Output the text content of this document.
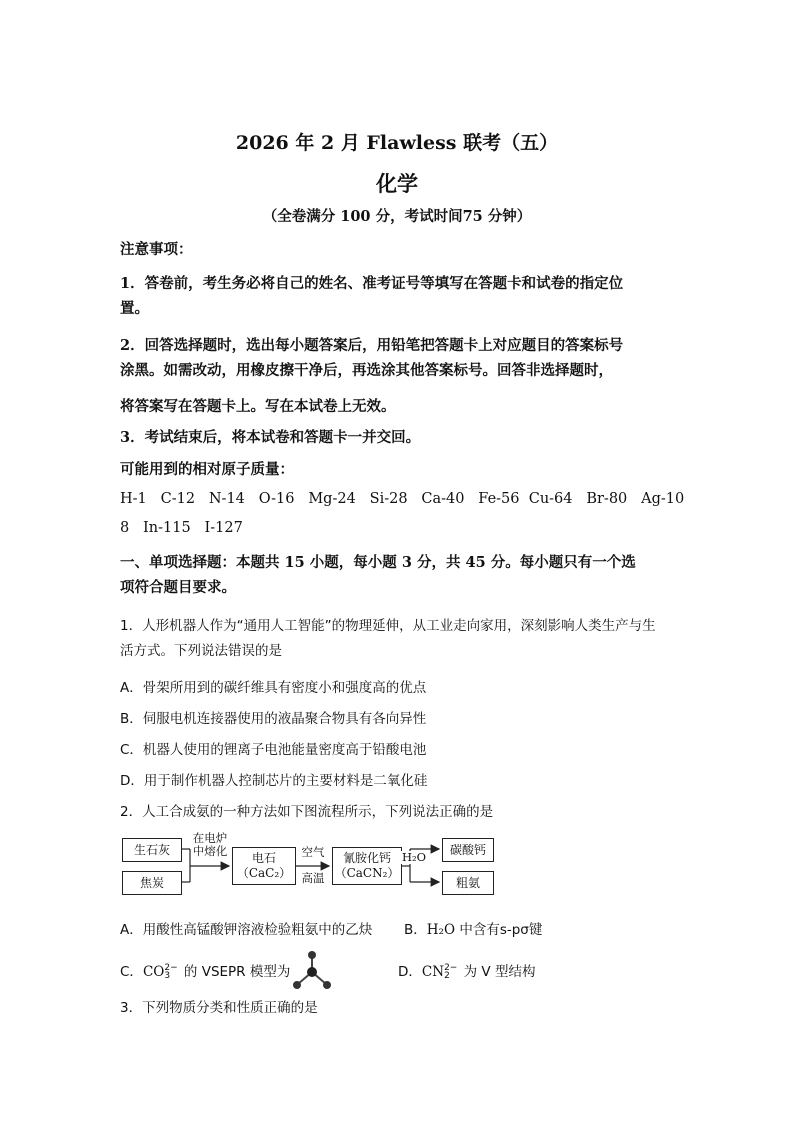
2026 年 2 月 Flawless 联考（五）
化学
（全卷满分 100 分，考试时间75 分钟）
注意事项：
1．答卷前，考生务必将自己的姓名、准考证号等填写在答题卡和试卷的指定位
置。
2．回答选择题时，选出每小题答案后，用铅笔把答题卡上对应题目的答案标号
涂黑。如需改动，用橡皮擦干净后，再选涂其他答案标号。回答非选择题时，
将答案写在答题卡上。写在本试卷上无效。
3．考试结束后，将本试卷和答题卡一并交回。
可能用到的相对原子质量：
H-1   C-12   N-14   O-16   Mg-24   Si-28   Ca-40   Fe-56  Cu-64   Br-80   Ag-10
8   In-115   I-127
一、单项选择题：本题共 15 小题，每小题 3 分，共 45 分。每小题只有一个选
项符合题目要求。
1．人形机器人作为“通用人工智能”的物理延伸，从工业走向家用，深刻影响人类生产与生
活方式。下列说法错误的是
A．骨架所用到的碳纤维具有密度小和强度高的优点
B．伺服电机连接器使用的液晶聚合物具有各向异性
C．机器人使用的锂离子电池能量密度高于铅酸电池
D．用于制作机器人控制芯片的主要材料是二氧化硅
2．人工合成氨的一种方法如下图流程所示，下列说法正确的是
生石灰
焦炭
在电炉
中熔化	电石
（CaC₂）
空气
高温
氰胺化钙
（CaCN₂）
H₂O
碳酸钙
粗氨
A．用酸性高锰酸钾溶液检验粗氨中的乙炔 B．H₂O 中含有s-pσ键
C．CO 2−
3 的 VSEPR 模型为	D．CN 2−
2 为 V 型结构
3．下列物质分类和性质正确的是
